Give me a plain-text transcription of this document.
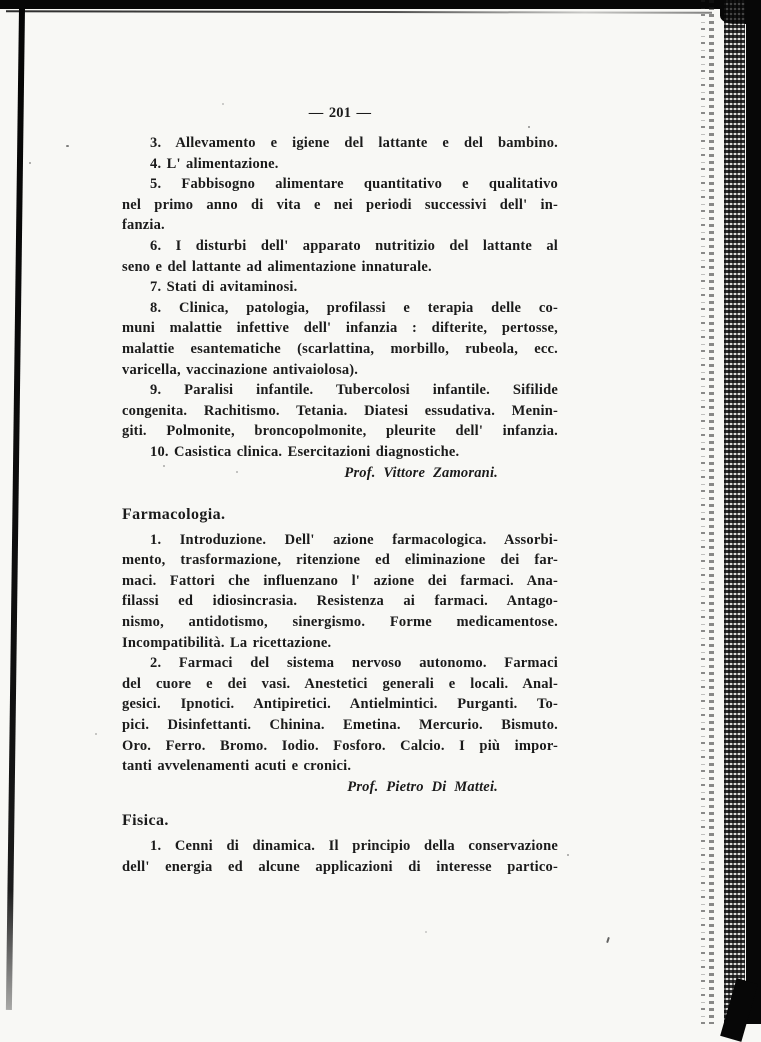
— 201 —
3. Allevamento e igiene del lattante e del bambino.
4. L' alimentazione.
5. Fabbisogno alimentare quantitativo e qualitativo
nel primo anno di vita e nei periodi successivi dell' in-
fanzia.
6. I disturbi dell' apparato nutritizio del lattante al
seno e del lattante ad alimentazione innaturale.
7. Stati di avitaminosi.
8. Clinica, patologia, profilassi e terapia delle co-
muni malattie infettive dell' infanzia : difterite, pertosse,
malattie esantematiche (scarlattina, morbillo, rubeola, ecc.
varicella, vaccinazione antivaiolosa).
9. Paralisi infantile. Tubercolosi infantile. Sifilide
congenita. Rachitismo. Tetania. Diatesi essudativa. Menin-
giti. Polmonite, broncopolmonite, pleurite dell' infanzia.
10. Casistica clinica. Esercitazioni diagnostiche.
Prof. Vittore Zamorani.
Farmacologia.
1. Introduzione. Dell' azione farmacologica. Assorbi-
mento, trasformazione, ritenzione ed eliminazione dei far-
maci. Fattori che influenzano l' azione dei farmaci. Ana-
filassi ed idiosincrasia. Resistenza ai farmaci. Antago-
nismo, antidotismo, sinergismo. Forme medicamentose.
Incompatibilità. La ricettazione.
2. Farmaci del sistema nervoso autonomo. Farmaci
del cuore e dei vasi. Anestetici generali e locali. Anal-
gesici. Ipnotici. Antipiretici. Antielmintici. Purganti. To-
pici. Disinfettanti. Chinina. Emetina. Mercurio. Bismuto.
Oro. Ferro. Bromo. Iodio. Fosforo. Calcio. I più impor-
tanti avvelenamenti acuti e cronici.
Prof. Pietro Di Mattei.
Fisica.
1. Cenni di dinamica. Il principio della conservazione
dell' energia ed alcune applicazioni di interesse partico-
